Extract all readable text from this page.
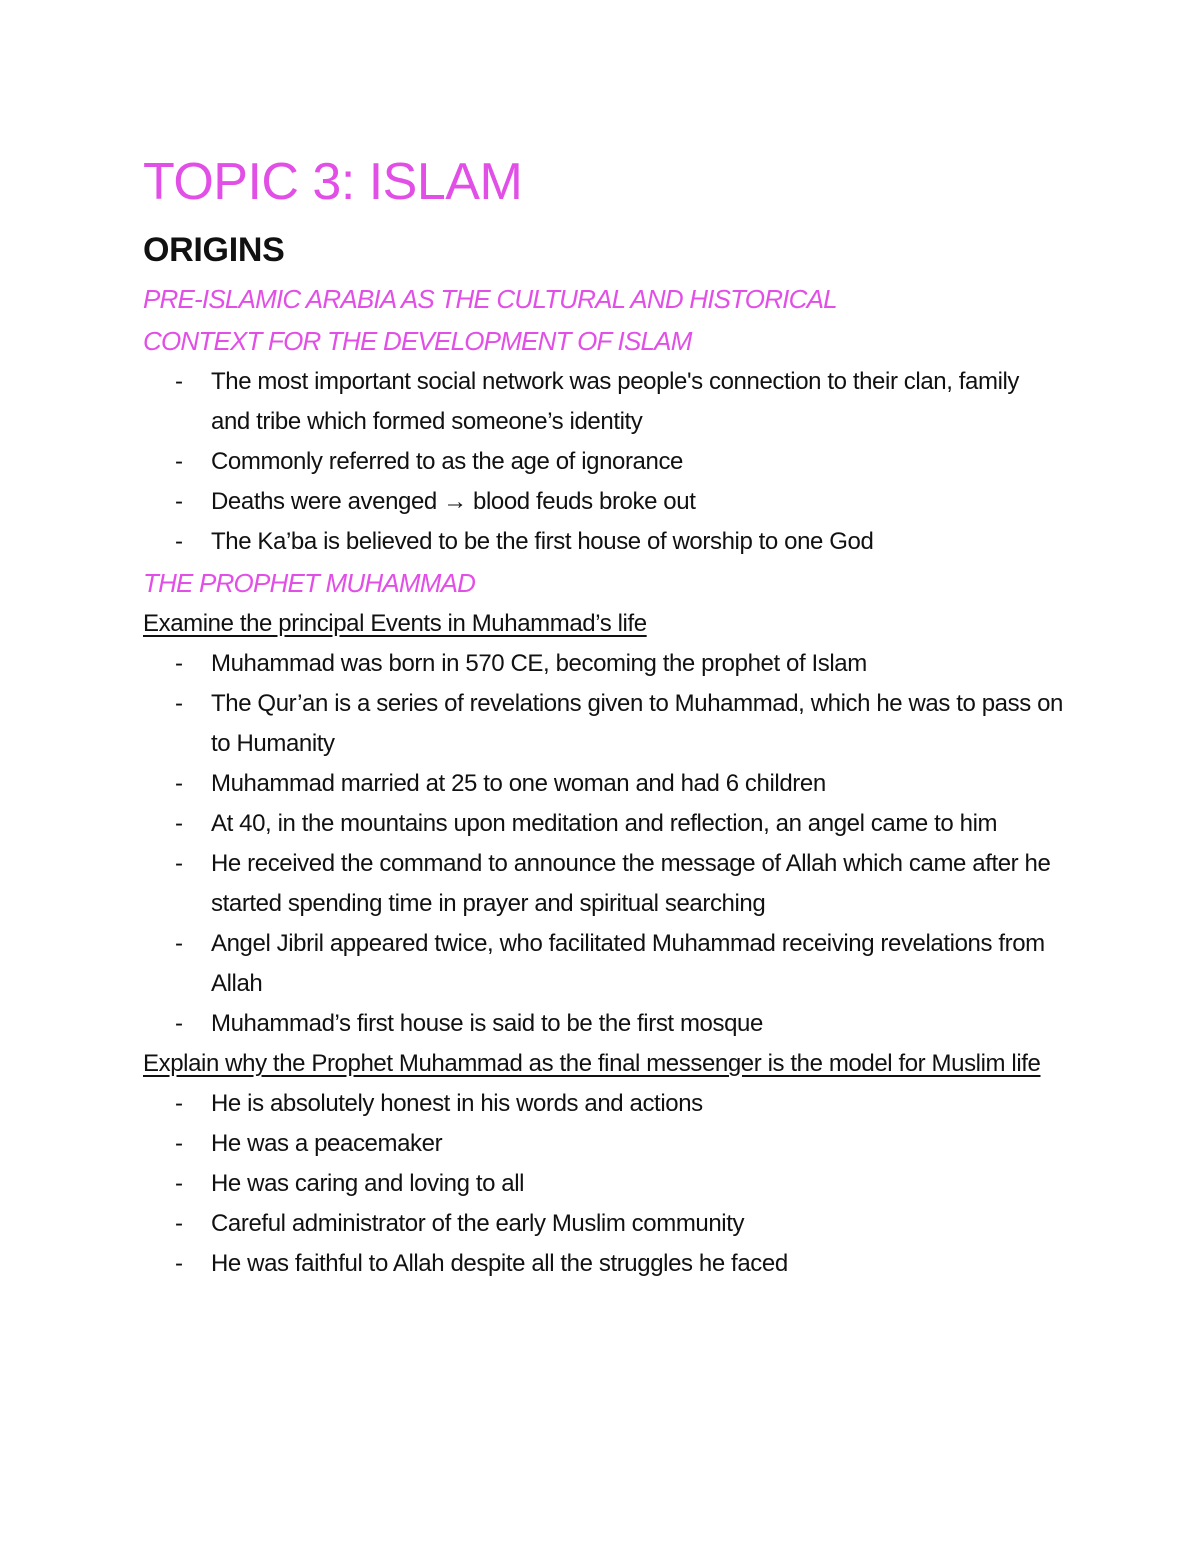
TOPIC 3: ISLAM
ORIGINS
PRE-ISLAMIC ARABIA AS THE CULTURAL AND HISTORICAL
CONTEXT FOR THE DEVELOPMENT OF ISLAM
- The most important social network was people's connection to their clan, family and tribe which formed someone’s identity
- Commonly referred to as the age of ignorance
- Deaths were avenged → blood feuds broke out
- The Ka’ba is believed to be the first house of worship to one God
THE PROPHET MUHAMMAD
Examine the principal Events in Muhammad’s life
- Muhammad was born in 570 CE, becoming the prophet of Islam
- The Qur’an is a series of revelations given to Muhammad, which he was to pass on to Humanity
- Muhammad married at 25 to one woman and had 6 children
- At 40, in the mountains upon meditation and reflection, an angel came to him
- He received the command to announce the message of Allah which came after he started spending time in prayer and spiritual searching
- Angel Jibril appeared twice, who facilitated Muhammad receiving revelations from Allah
- Muhammad’s first house is said to be the first mosque
Explain why the Prophet Muhammad as the final messenger is the model for Muslim life
- He is absolutely honest in his words and actions
- He was a peacemaker
- He was caring and loving to all
- Careful administrator of the early Muslim community
- He was faithful to Allah despite all the struggles he faced
